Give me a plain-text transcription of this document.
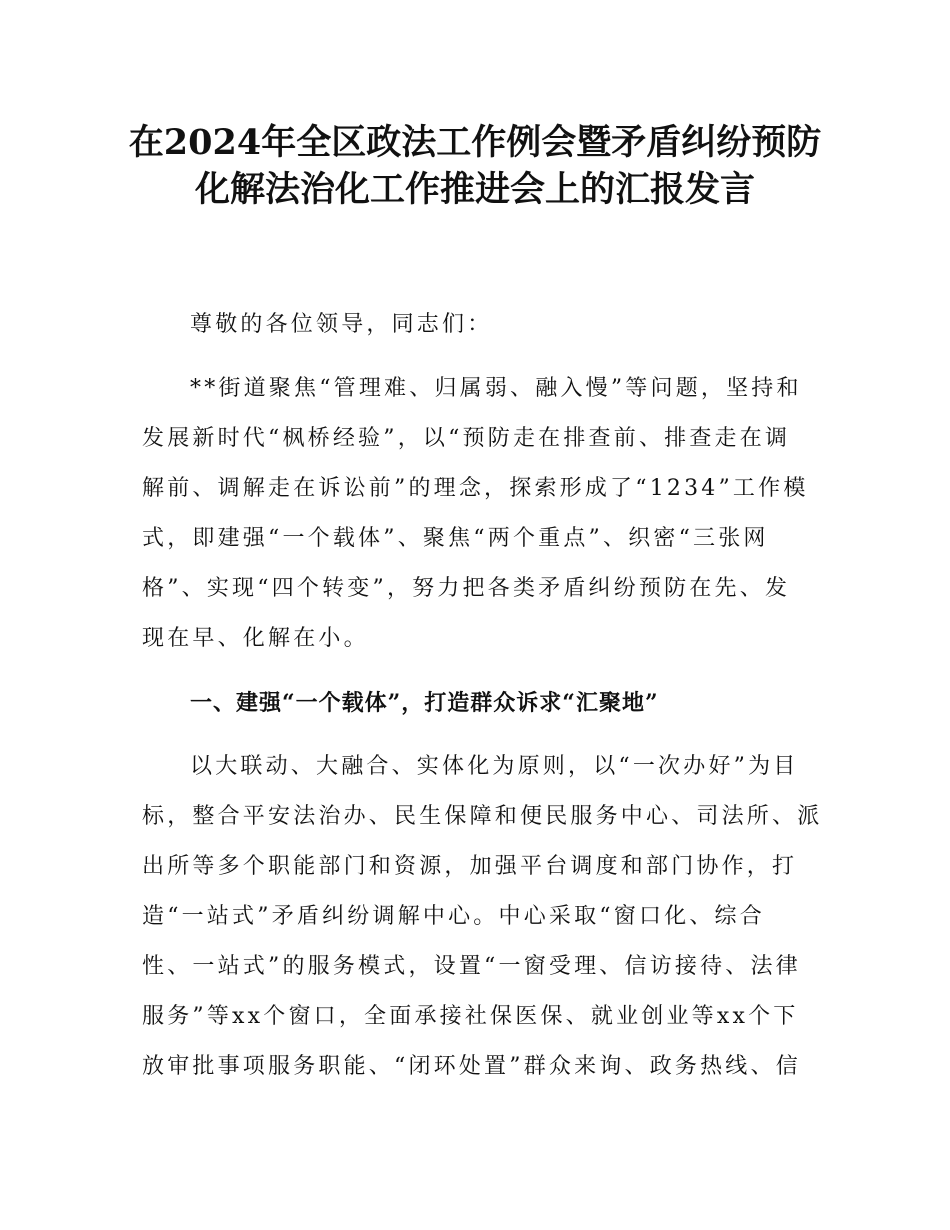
在2024年全区政法工作例会暨矛盾纠纷预防
化解法治化工作推进会上的汇报发言

尊敬的各位领导，同志们：

**街道聚焦“管理难、归属弱、融入慢”等问题，坚持和

发展新时代“枫桥经验”，以“预防走在排查前、排查走在调

解前、调解走在诉讼前”的理念，探索形成了“1234”工作模

式，即建强“一个载体”、聚焦“两个重点”、织密“三张网

格”、实现“四个转变”，努力把各类矛盾纠纷预防在先、发

现在早、化解在小。

一、建强“一个载体”，打造群众诉求“汇聚地”

以大联动、大融合、实体化为原则，以“一次办好”为目

标，整合平安法治办、民生保障和便民服务中心、司法所、派

出所等多个职能部门和资源，加强平台调度和部门协作，打

造“一站式”矛盾纠纷调解中心。中心采取“窗口化、综合

性、一站式”的服务模式，设置“一窗受理、信访接待、法律

服务”等xx个窗口，全面承接社保医保、就业创业等xx个下

放审批事项服务职能、“闭环处置”群众来询、政务热线、信
